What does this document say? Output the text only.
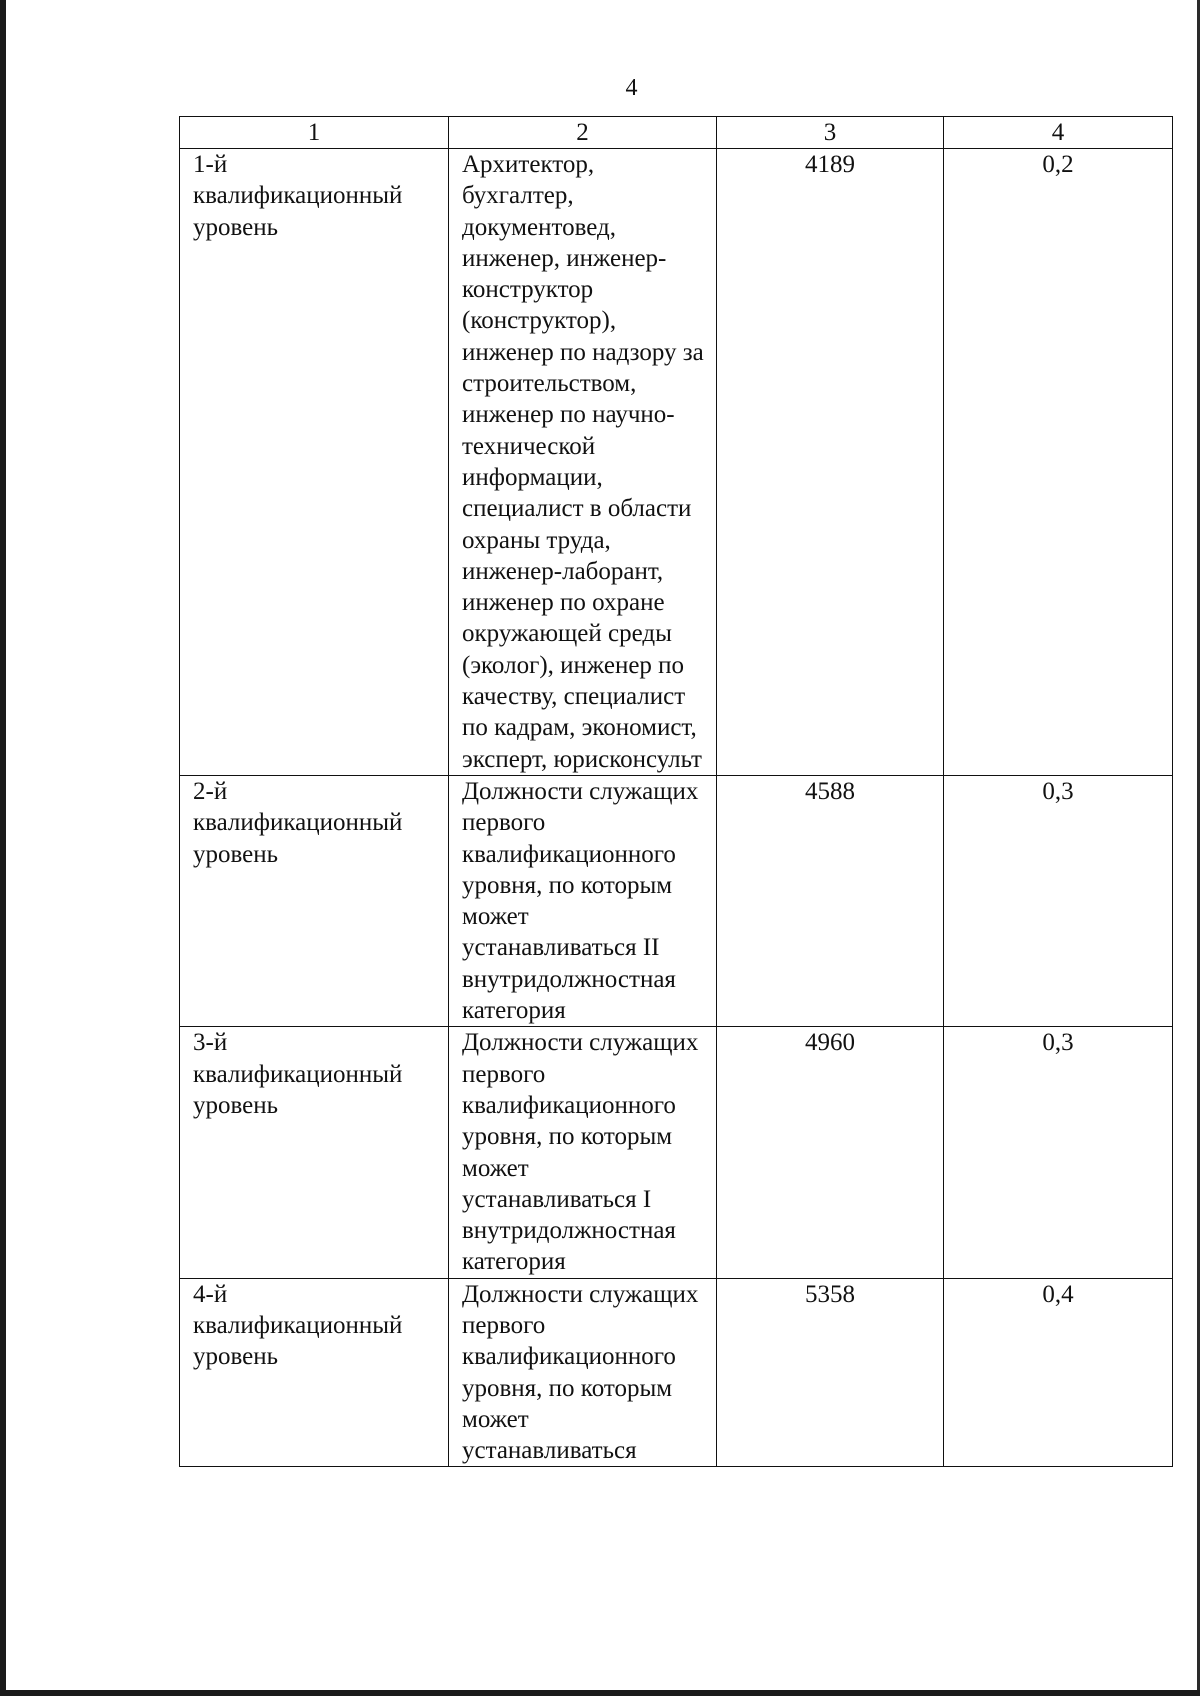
4
1	2	3	4
1-й квалификационный уровень	Архитектор, бухгалтер, документовед, инженер, инженер-конструктор (конструктор), инженер по надзору за строительством, инженер по научно-технической информации, специалист в области охраны труда, инженер-лаборант, инженер по охране окружающей среды (эколог), инженер по качеству, специалист по кадрам, экономист, эксперт, юрисконсульт	4189	0,2
2-й квалификационный уровень	Должности служащих первого квалификационного уровня, по которым может устанавливаться II внутридолжностная категория	4588	0,3
3-й квалификационный уровень	Должности служащих первого квалификационного уровня, по которым может устанавливаться I внутридолжностная категория	4960	0,3
4-й квалификационный уровень	Должности служащих первого квалификационного уровня, по которым может устанавливаться	5358	0,4
